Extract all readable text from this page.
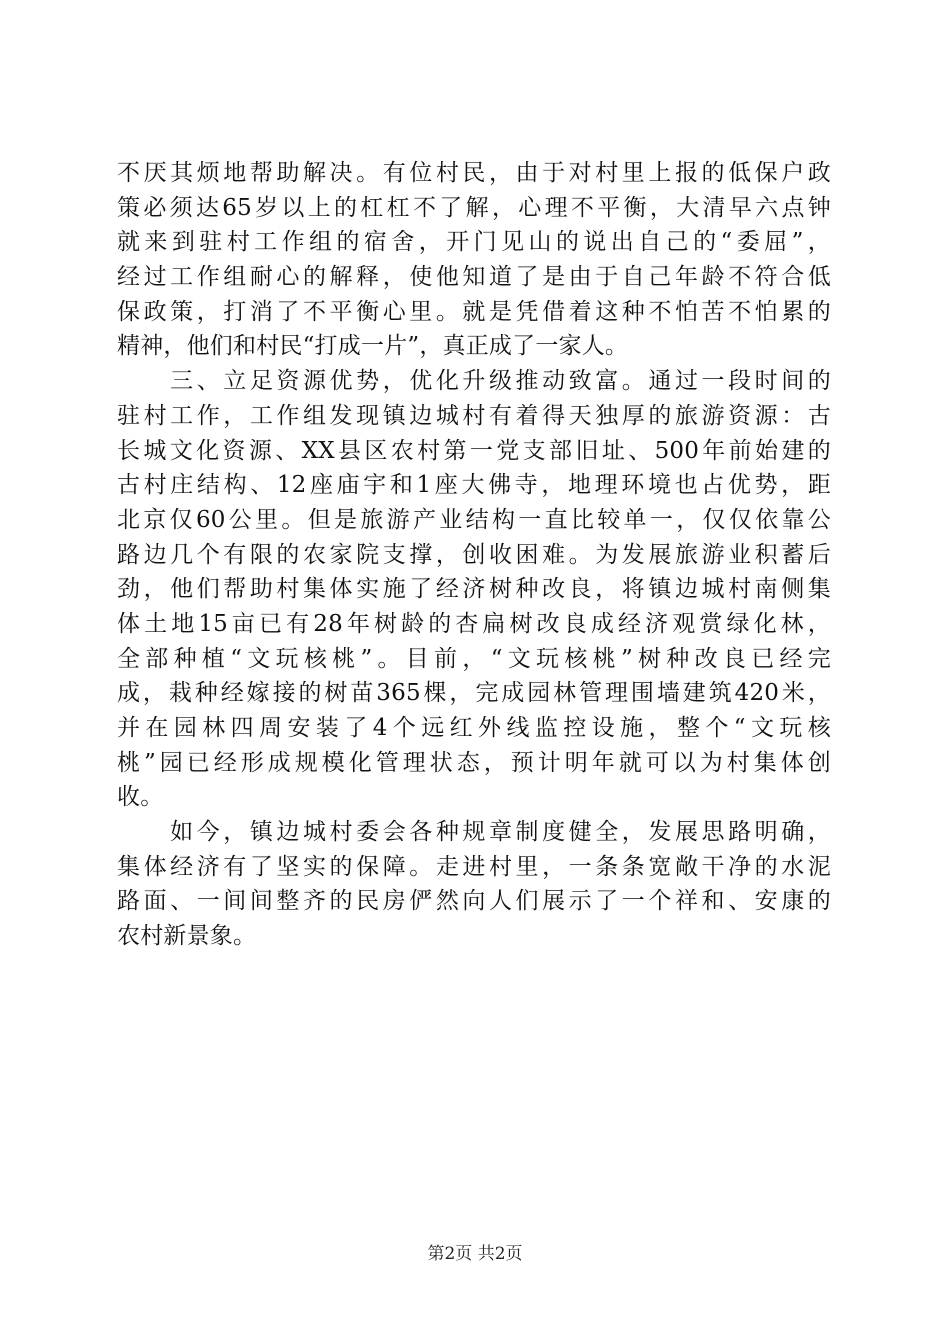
不厌其烦地帮助解决。有位村民，由于对村里上报的低保户政
策必须达65岁以上的杠杠不了解，心理不平衡，大清早六点钟
就来到驻村工作组的宿舍，开门见山的说出自己的“委屈”，
经过工作组耐心的解释，使他知道了是由于自己年龄不符合低
保政策，打消了不平衡心里。就是凭借着这种不怕苦不怕累的
精神，他们和村民“打成一片”，真正成了一家人。
　　三、立足资源优势，优化升级推动致富。通过一段时间的
驻村工作，工作组发现镇边城村有着得天独厚的旅游资源：古
长城文化资源、XX县区农村第一党支部旧址、500年前始建的
古村庄结构、12座庙宇和1座大佛寺，地理环境也占优势，距
北京仅60公里。但是旅游产业结构一直比较单一，仅仅依靠公
路边几个有限的农家院支撑，创收困难。为发展旅游业积蓄后
劲，他们帮助村集体实施了经济树种改良，将镇边城村南侧集
体土地15亩已有28年树龄的杏扁树改良成经济观赏绿化林，
全部种植“文玩核桃”。目前，“文玩核桃”树种改良已经完
成，栽种经嫁接的树苗365棵，完成园林管理围墙建筑420米，
并在园林四周安装了4个远红外线监控设施，整个“文玩核
桃”园已经形成规模化管理状态，预计明年就可以为村集体创
收。
　　如今，镇边城村委会各种规章制度健全，发展思路明确，
集体经济有了坚实的保障。走进村里，一条条宽敞干净的水泥
路面、一间间整齐的民房俨然向人们展示了一个祥和、安康的
农村新景象。
第2页 共2页
